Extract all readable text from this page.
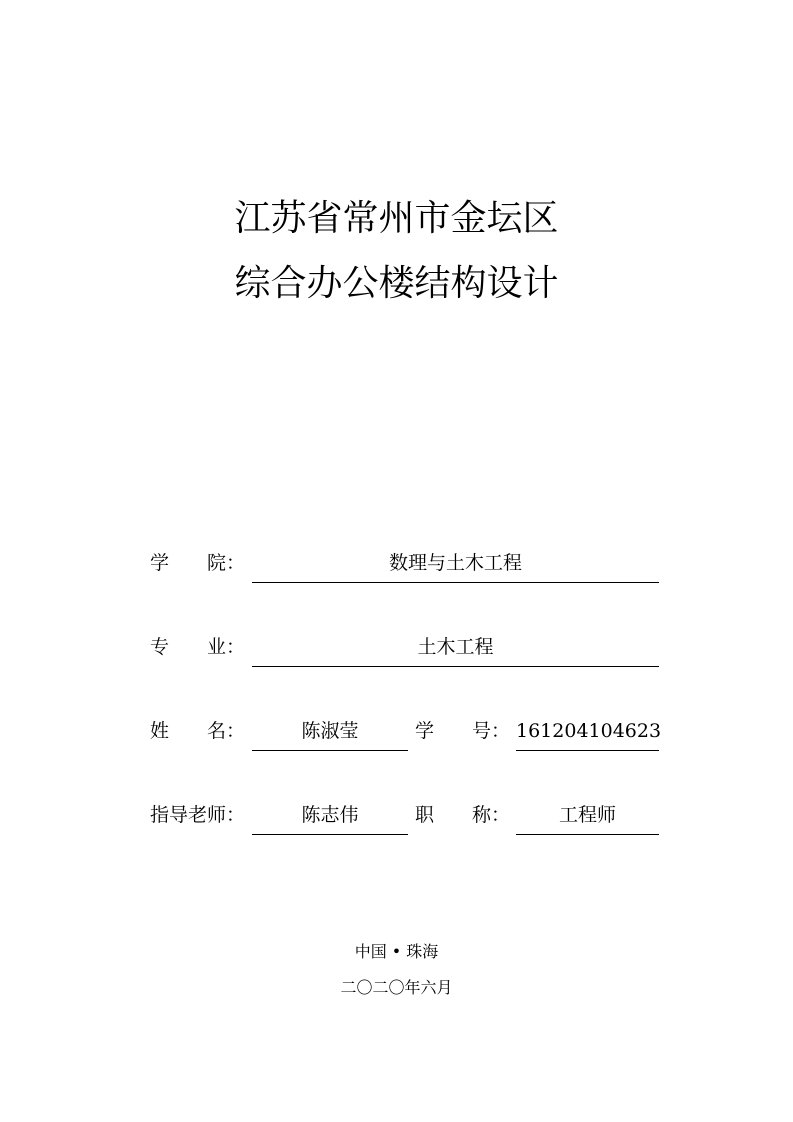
江苏省常州市金坛区
综合办公楼结构设计
学　　院：	数理与土木工程
专　　业：	土木工程
姓　　名：	陈淑莹	学　　号： 161204104623
指导老师：	陈志伟	职　　称：	工程师
中国 • 珠海
二〇二〇年六月
